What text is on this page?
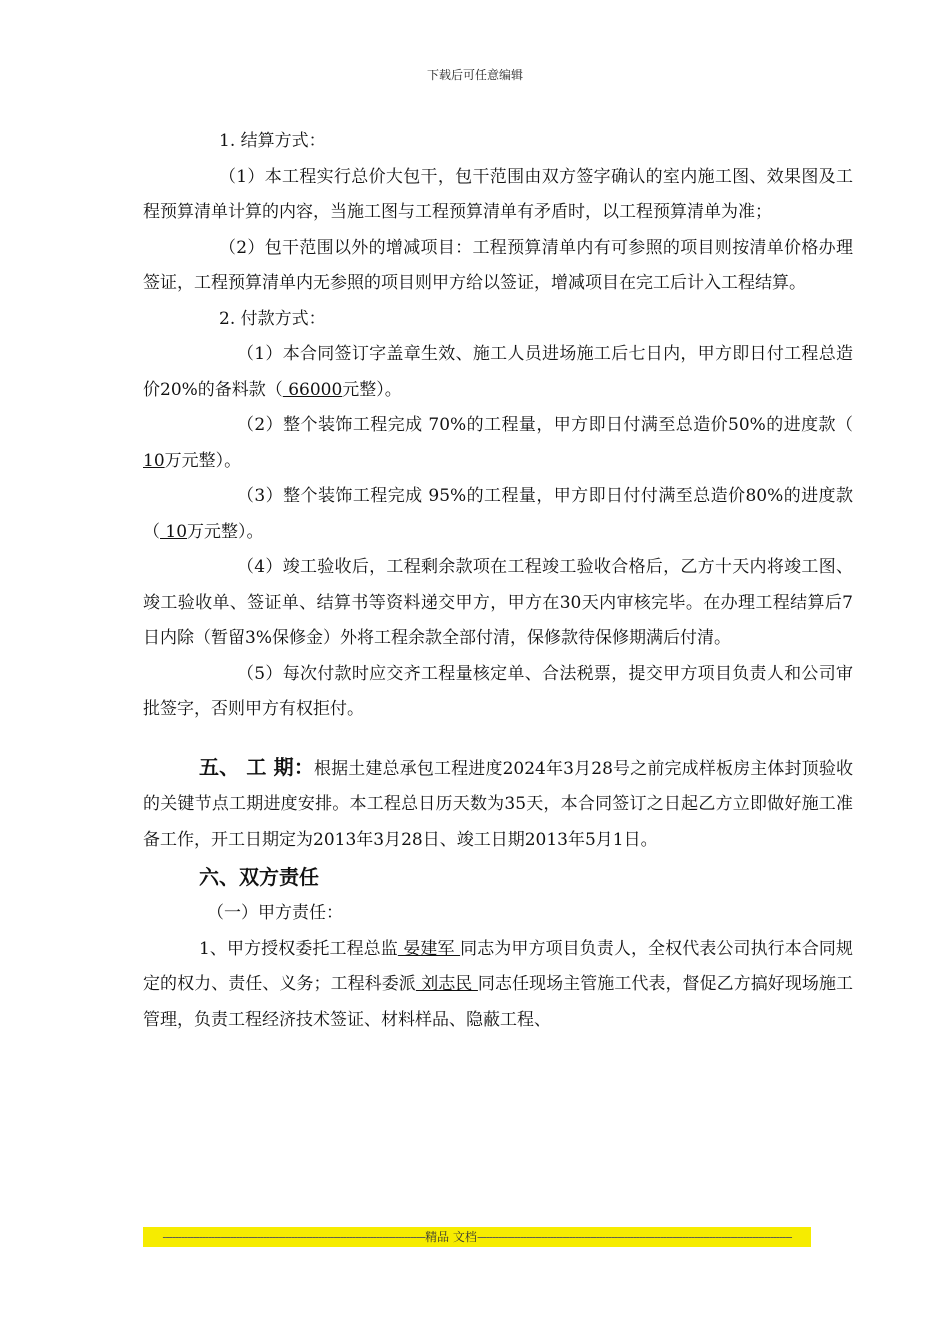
下载后可任意编辑

1. 结算方式：

（1）本工程实行总价大包干，包干范围由双方签字确认的室内施工图、效果图及工程预算清单计算的内容，当施工图与工程预算清单有矛盾时，以工程预算清单为准；

（2）包干范围以外的增减项目：工程预算清单内有可参照的项目则按清单价格办理签证，工程预算清单内无参照的项目则甲方给以签证，增减项目在完工后计入工程结算。

2. 付款方式：

（1）本合同签订字盖章生效、施工人员进场施工后七日内，甲方即日付工程总造价20%的备料款（ 66000元整）。

（2）整个装饰工程完成 70%的工程量，甲方即日付满至总造价50%的进度款（ 10万元整）。

（3）整个装饰工程完成 95%的工程量，甲方即日付付满至总造价80%的进度款（ 10万元整）。

（4）竣工验收后，工程剩余款项在工程竣工验收合格后，乙方十天内将竣工图、竣工验收单、签证单、结算书等资料递交甲方，甲方在30天内审核完毕。在办理工程结算后7日内除（暂留3%保修金）外将工程余款全部付清，保修款待保修期满后付清。

（5）每次付款时应交齐工程量核定单、合法税票，提交甲方项目负责人和公司审批签字，否则甲方有权拒付。

五、 工 期：根据土建总承包工程进度2024年3月28号之前完成样板房主体封顶验收的关键节点工期进度安排。本工程总日历天数为35天，本合同签订之日起乙方立即做好施工准备工作，开工日期定为2013年3月28日、竣工日期2013年5月1日。

六、双方责任

（一）甲方责任：

1、甲方授权委托工程总监 晏建军 同志为甲方项目负责人，全权代表公司执行本合同规定的权力、责任、义务；工程科委派 刘志民 同志任现场主管施工代表，督促乙方搞好现场施工管理，负责工程经济技术签证、材料样品、隐蔽工程、

--------------------------------------------------------------------------------------精品 文档-------------------------------------------------------------------------------------------------------
